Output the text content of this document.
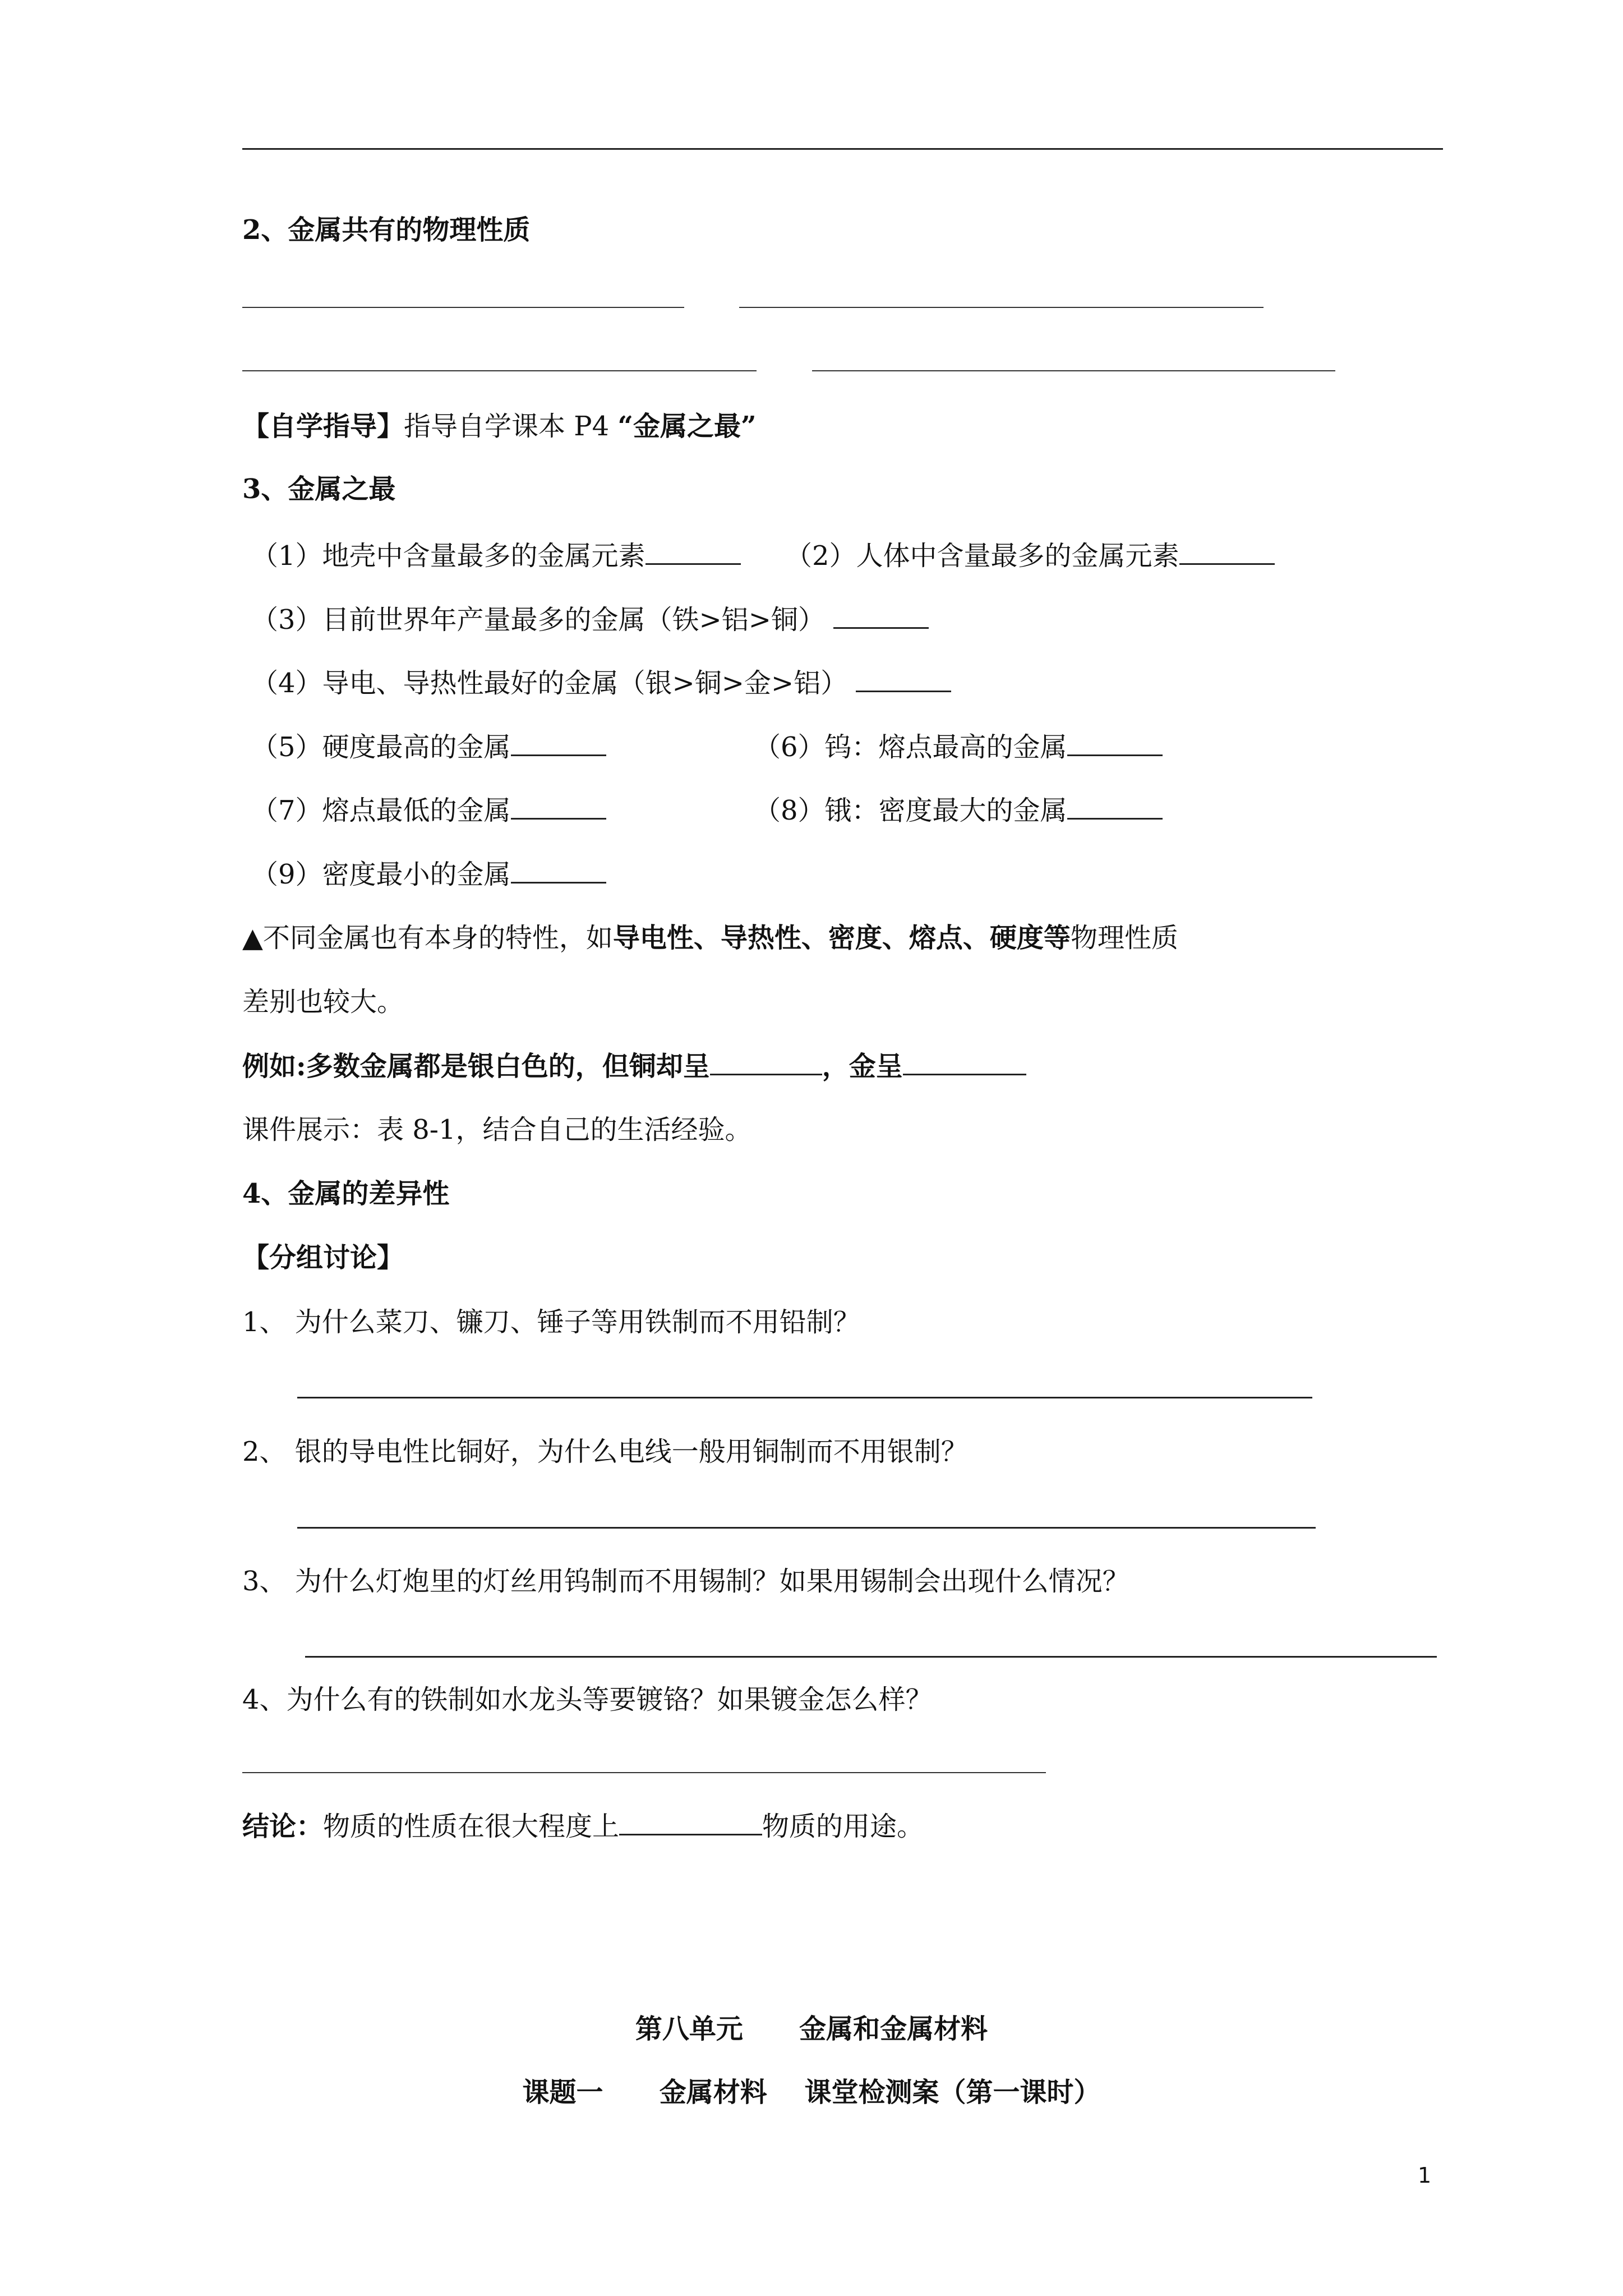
2、金属共有的物理性质
【自学指导】指导自学课本 P4 “金属之最”
3、金属之最
（1）地壳中含量最多的金属元素	（2）人体中含量最多的金属元素
（3）目前世界年产量最多的金属（铁>铝>铜）
（4）导电、导热性最好的金属（银>铜>金>铝）
（5）硬度最高的金属	（6）钨：熔点最高的金属
（7）熔点最低的金属	（8）锇：密度最大的金属
（9）密度最小的金属
▲不同金属也有本身的特性，如导电性、导热性、密度、熔点、硬度等物理性质
差别也较大。
例如:多数金属都是银白色的，但铜却呈	，金呈
课件展示：表 8-1，结合自己的生活经验。
4、金属的差异性
【分组讨论】
1、 为什么菜刀、镰刀、锤子等用铁制而不用铅制？
2、 银的导电性比铜好，为什么电线一般用铜制而不用银制？
3、 为什么灯炮里的灯丝用钨制而不用锡制？如果用锡制会出现什么情况？
4、为什么有的铁制如水龙头等要镀铬？如果镀金怎么样？
结论：物质的性质在很大程度上	物质的用途。
第八单元      金属和金属材料
课题一      金属材料    课堂检测案（第一课时）
1
